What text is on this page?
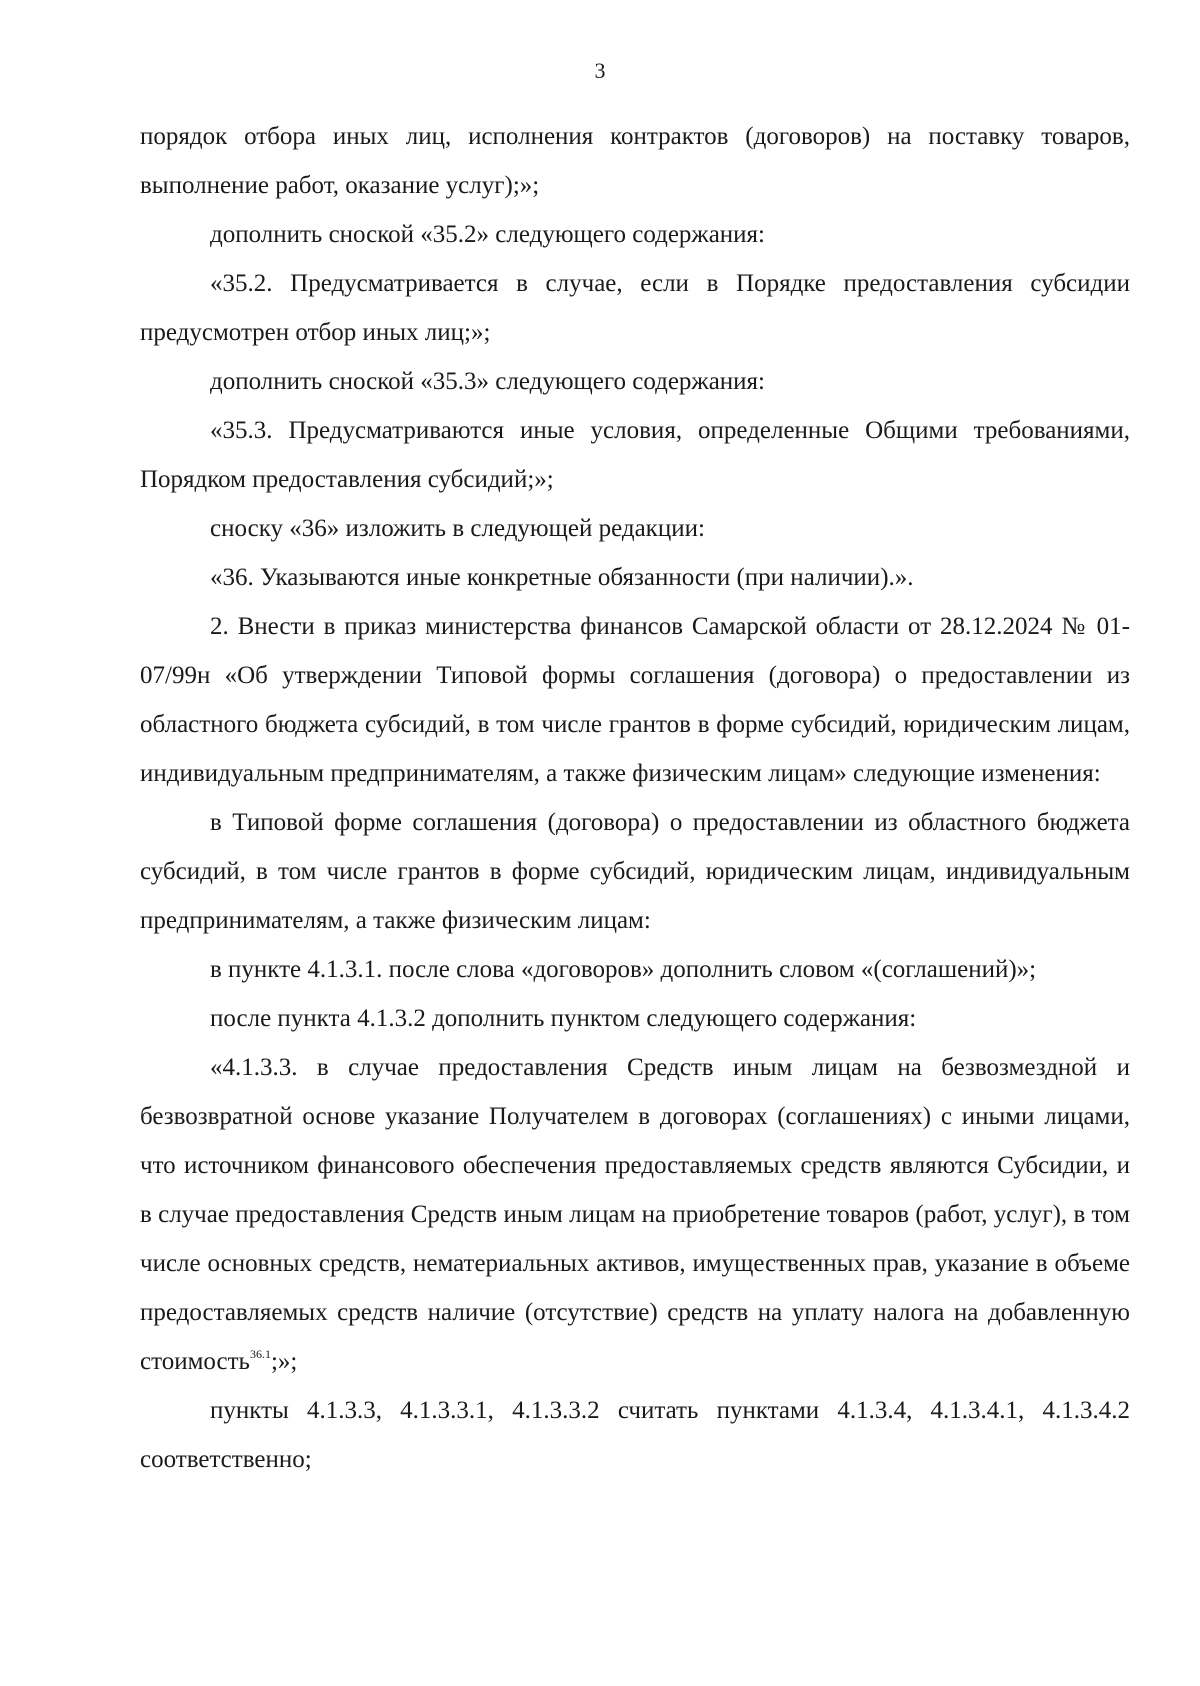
3

порядок отбора иных лиц, исполнения контрактов (договоров) на поставку товаров, выполнение работ, оказание услуг);»;

дополнить сноской «35.2» следующего содержания:

«35.2. Предусматривается в случае, если в Порядке предоставления субсидии предусмотрен отбор иных лиц;»;

дополнить сноской «35.3» следующего содержания:

«35.3. Предусматриваются иные условия, определенные Общими требованиями, Порядком предоставления субсидий;»;

сноску «36» изложить в следующей редакции:

«36. Указываются иные конкретные обязанности (при наличии).».

2. Внести в приказ министерства финансов Самарской области от 28.12.2024 № 01-07/99н «Об утверждении Типовой формы соглашения (договора) о предоставлении из областного бюджета субсидий, в том числе грантов в форме субсидий, юридическим лицам, индивидуальным предпринимателям, а также физическим лицам» следующие изменения:

в Типовой форме соглашения (договора) о предоставлении из областного бюджета субсидий, в том числе грантов в форме субсидий, юридическим лицам, индивидуальным предпринимателям, а также физическим лицам:

в пункте 4.1.3.1. после слова «договоров» дополнить словом «(соглашений)»;

после пункта 4.1.3.2 дополнить пунктом следующего содержания:

«4.1.3.3. в случае предоставления Средств иным лицам на безвозмездной и безвозвратной основе указание Получателем в договорах (соглашениях) с иными лицами, что источником финансового обеспечения предоставляемых средств являются Субсидии, и в случае предоставления Средств иным лицам на приобретение товаров (работ, услуг), в том числе основных средств, нематериальных активов, имущественных прав, указание в объеме предоставляемых средств наличие (отсутствие) средств на уплату налога на добавленную стоимость$^{36.1}$;»;

пункты 4.1.3.3, 4.1.3.3.1, 4.1.3.3.2 считать пунктами 4.1.3.4, 4.1.3.4.1, 4.1.3.4.2 соответственно;
